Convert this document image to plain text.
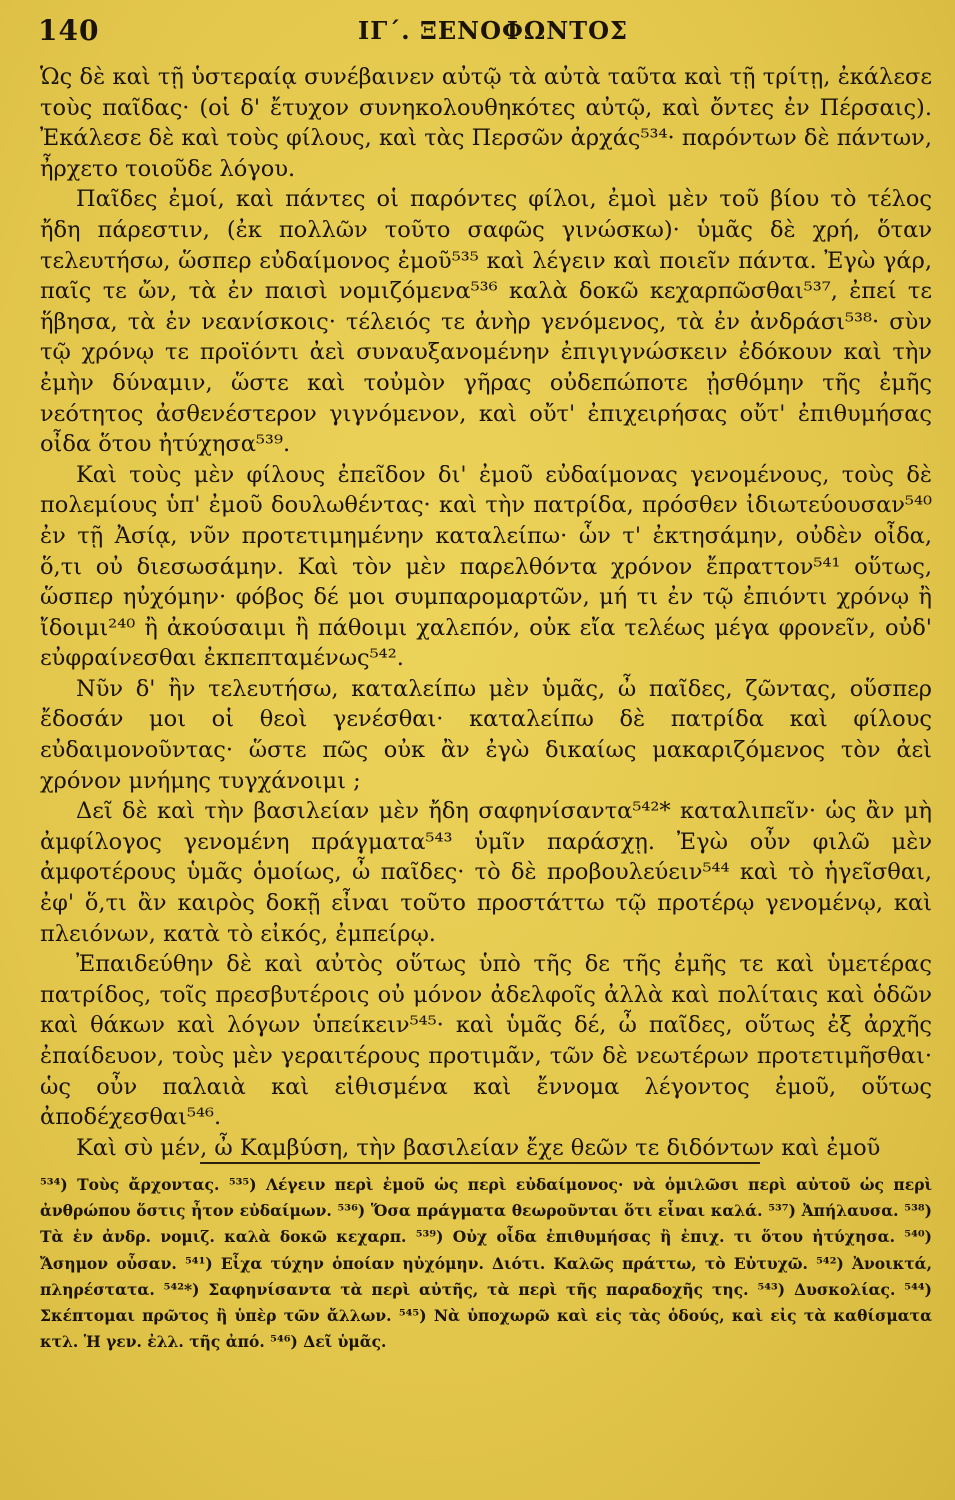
140	ΙΓ΄. ΞΕΝΟΦΩΝΤΟΣ

Ὡς δὲ καὶ τῇ ὑστεραίᾳ συνέβαινεν αὐτῷ τὰ αὐτὰ ταῦτα καὶ τῇ τρίτῃ, ἐκάλεσε τοὺς παῖδας· (οἱ δ' ἔτυχον συνηκολουθηκότες αὐτῷ, καὶ ὄντες ἐν Πέρσαις). Ἐκάλεσε δὲ καὶ τοὺς φίλους, καὶ τὰς Περσῶν ἀρχάς⁵³⁴· παρόντων δὲ πάντων, ἦρχετο τοιοῦδε λόγου.

Παῖδες ἐμοί, καὶ πάντες οἱ παρόντες φίλοι, ἐμοὶ μὲν τοῦ βίου τὸ τέλος ἤδη πάρεστιν, (ἐκ πολλῶν τοῦτο σαφῶς γινώσκω)· ὑμᾶς δὲ χρή, ὅταν τελευτήσω, ὥσπερ εὐδαίμονος ἐμοῦ⁵³⁵ καὶ λέγειν καὶ ποιεῖν πάντα. Ἐγὼ γάρ, παῖς τε ὤν, τὰ ἐν παισὶ νομιζόμενα⁵³⁶ καλὰ δοκῶ κεχαρπῶσθαι⁵³⁷, ἐπεί τε ἥβησα, τὰ ἐν νεανίσκοις· τέλειός τε ἀνὴρ γενόμενος, τὰ ἐν ἀνδράσι⁵³⁸· σὺν τῷ χρόνῳ τε προϊόντι ἀεὶ συναυξανομένην ἐπιγιγνώσκειν ἐδόκουν καὶ τὴν ἐμὴν δύναμιν, ὥστε καὶ τοὐμὸν γῆρας οὐδεπώποτε ᾐσθόμην τῆς ἐμῆς νεότητος ἀσθενέστερον γιγνόμενον, καὶ οὔτ' ἐπιχειρήσας οὔτ' ἐπιθυμήσας οἶδα ὅτου ἠτύχησα⁵³⁹.

Καὶ τοὺς μὲν φίλους ἐπεῖδον δι' ἐμοῦ εὐδαίμονας γενομένους, τοὺς δὲ πολεμίους ὑπ' ἐμοῦ δουλωθέντας· καὶ τὴν πατρίδα, πρόσθεν ἰδιωτεύουσαν⁵⁴⁰ ἐν τῇ Ἀσίᾳ, νῦν προτετιμημένην καταλείπω· ὧν τ' ἐκτησάμην, οὐδὲν οἶδα, ὅ,τι οὐ διεσωσάμην. Καὶ τὸν μὲν παρελθόντα χρόνον ἔπραττον⁵⁴¹ οὕτως, ὥσπερ ηὐχόμην· φόβος δέ μοι συμπαρομαρτῶν, μή τι ἐν τῷ ἐπιόντι χρόνῳ ἢ ἴδοιμι²⁴⁰ ἢ ἀκούσαιμι ἢ πάθοιμι χαλεπόν, οὐκ εἴα τελέως μέγα φρονεῖν, οὐδ' εὐφραίνεσθαι ἐκπεπταμένως⁵⁴².

Νῦν δ' ἢν τελευτήσω, καταλείπω μὲν ὑμᾶς, ὦ παῖδες, ζῶντας, οὕσπερ ἔδοσάν μοι οἱ θεοὶ γενέσθαι· καταλείπω δὲ πατρίδα καὶ φίλους εὐδαιμονοῦντας· ὥστε πῶς οὐκ ἂν ἐγὼ δικαίως μακαριζόμενος τὸν ἀεὶ χρόνον μνήμης τυγχάνοιμι ;

Δεῖ δὲ καὶ τὴν βασιλείαν μὲν ἤδη σαφηνίσαντα⁵⁴²* καταλιπεῖν· ὡς ἂν μὴ ἀμφίλογος γενομένη πράγματα⁵⁴³ ὑμῖν παράσχῃ. Ἐγὼ οὖν φιλῶ μὲν ἀμφοτέρους ὑμᾶς ὁμοίως, ὦ παῖδες· τὸ δὲ προβουλεύειν⁵⁴⁴ καὶ τὸ ἡγεῖσθαι, ἐφ' ὅ,τι ἂν καιρὸς δοκῇ εἶναι τοῦτο προστάττω τῷ προτέρῳ γενομένῳ, καὶ πλειόνων, κατὰ τὸ εἰκός, ἐμπείρῳ.

Ἐπαιδεύθην δὲ καὶ αὐτὸς οὕτως ὑπὸ τῆς δε τῆς ἐμῆς τε καὶ ὑμετέρας πατρίδος, τοῖς πρεσβυτέροις οὐ μόνον ἀδελφοῖς ἀλλὰ καὶ πολίταις καὶ ὁδῶν καὶ θάκων καὶ λόγων ὑπείκειν⁵⁴⁵· καὶ ὑμᾶς δέ, ὦ παῖδες, οὕτως ἐξ ἀρχῆς ἐπαίδευον, τοὺς μὲν γεραιτέρους προτιμᾶν, τῶν δὲ νεωτέρων προτετιμῆσθαι· ὡς οὖν παλαιὰ καὶ εἰθισμένα καὶ ἔννομα λέγοντος ἐμοῦ, οὕτως ἀποδέχεσθαι⁵⁴⁶.

Καὶ σὺ μέν, ὦ Καμβύση, τὴν βασιλείαν ἔχε θεῶν τε διδόντων καὶ ἐμοῦ

⁵³⁴) Τοὺς ἄρχοντας. ⁵³⁵) Λέγειν περὶ ἐμοῦ ὡς περὶ εὐδαίμονος· νὰ ὁμιλῶσι περὶ αὐτοῦ ὡς περὶ ἀνθρώπου ὅστις ἦτον εὐδαίμων. ⁵³⁶) Ὅσα πράγματα θεωροῦνται ὅτι εἶναι καλά. ⁵³⁷) Ἀπήλαυσα. ⁵³⁸) Τὰ ἐν ἀνδρ. νομιζ. καλὰ δοκῶ κεχαρπ. ⁵³⁹) Οὐχ οἶδα ἐπιθυμήσας ἢ ἐπιχ. τι ὅτου ἠτύχησα. ⁵⁴⁰) Ἄσημον οὖσαν. ⁵⁴¹) Εἶχα τύχην ὁποίαν ηὐχόμην. Διότι. Καλῶς πράττω, τὸ Εὐτυχῶ. ⁵⁴²) Ἀνοικτά, πληρέστατα. ⁵⁴²*) Σαφηνίσαντα τὰ περὶ αὐτῆς, τὰ περὶ τῆς παραδοχῆς της. ⁵⁴³) Δυσκολίας. ⁵⁴⁴) Σκέπτομαι πρῶτος ἢ ὑπὲρ τῶν ἄλλων. ⁵⁴⁵) Νὰ ὑποχωρῶ καὶ εἰς τὰς ὁδούς, καὶ εἰς τὰ καθίσματα κτλ. Ἡ γεν. ἐλλ. τῆς ἀπό. ⁵⁴⁶) Δεῖ ὑμᾶς.
